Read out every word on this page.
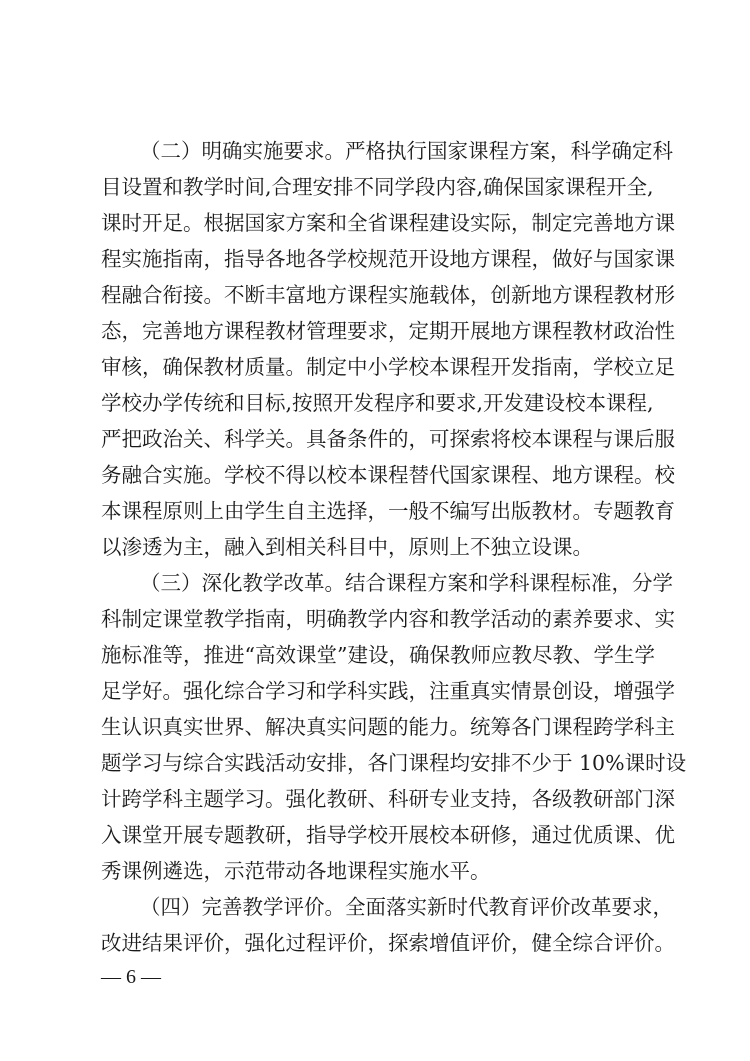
（二）明确实施要求。严格执行国家课程方案，科学确定科
目设置和教学时间,合理安排不同学段内容,确保国家课程开全,
课时开足。根据国家方案和全省课程建设实际，制定完善地方课
程实施指南，指导各地各学校规范开设地方课程，做好与国家课
程融合衔接。不断丰富地方课程实施载体，创新地方课程教材形
态，完善地方课程教材管理要求，定期开展地方课程教材政治性
审核，确保教材质量。制定中小学校本课程开发指南，学校立足
学校办学传统和目标,按照开发程序和要求,开发建设校本课程,
严把政治关、科学关。具备条件的，可探索将校本课程与课后服
务融合实施。学校不得以校本课程替代国家课程、地方课程。校
本课程原则上由学生自主选择，一般不编写出版教材。专题教育
以渗透为主，融入到相关科目中，原则上不独立设课。
（三）深化教学改革。结合课程方案和学科课程标准，分学
科制定课堂教学指南，明确教学内容和教学活动的素养要求、实
施标准等，推进“高效课堂”建设，确保教师应教尽教、学生学
足学好。强化综合学习和学科实践，注重真实情景创设，增强学
生认识真实世界、解决真实问题的能力。统筹各门课程跨学科主
题学习与综合实践活动安排，各门课程均安排不少于 10%课时设
计跨学科主题学习。强化教研、科研专业支持，各级教研部门深
入课堂开展专题教研，指导学校开展校本研修，通过优质课、优
秀课例遴选，示范带动各地课程实施水平。
（四）完善教学评价。全面落实新时代教育评价改革要求，
改进结果评价，强化过程评价，探索增值评价，健全综合评价。
— 6 —
